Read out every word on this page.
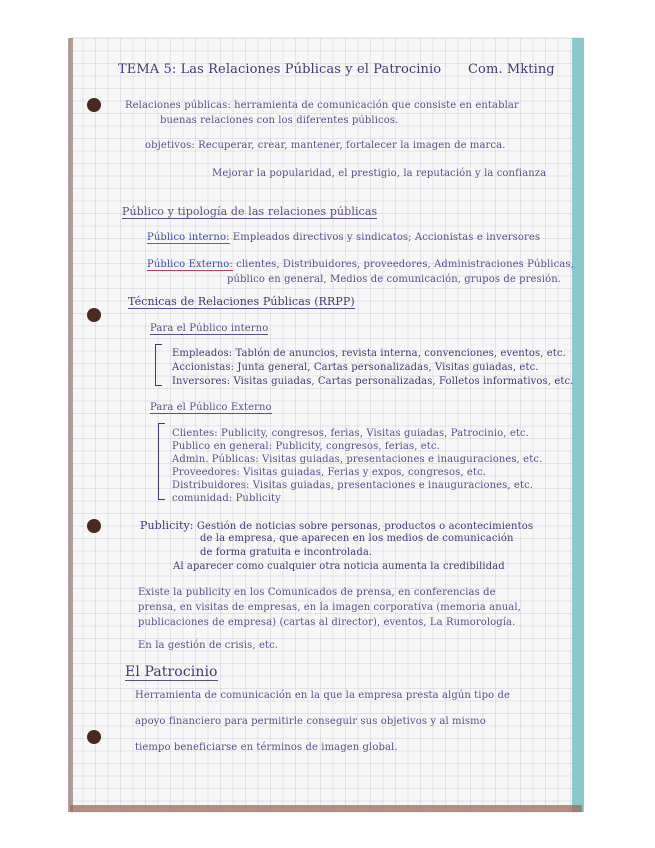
TEMA 5: Las Relaciones Públicas y el Patrocinio Com. Mkting
Relaciones públicas: herramienta de comunicación que consiste en entablar
buenas relaciones con los diferentes públicos.
objetivos: Recuperar, crear, mantener, fortalecer la imagen de marca.
Mejorar la popularidad, el prestigio, la reputación y la confianza
Público y tipología de las relaciones públicas
Público interno: Empleados directivos y sindicatos; Accionistas e inversores
Público Externo: clientes, Distribuidores, proveedores, Administraciones Públicas,
público en general, Medios de comunicación, grupos de presión.
Técnicas de Relaciones Públicas (RRPP)
Para el Público interno
Empleados: Tablón de anuncios, revista interna, convenciones, eventos, etc.
Accionistas: Junta general, Cartas personalizadas, Visitas guiadas, etc.
Inversores: Visitas guiadas, Cartas personalizadas, Folletos informativos, etc.
Para el Público Externo
Clientes: Publicity, congresos, ferias, Visitas guiadas, Patrocinio, etc.
Publico en general: Publicity, congresos, ferias, etc.
Admin. Públicas: Visitas guiadas, presentaciones e inauguraciones, etc.
Proveedores: Visitas guiadas, Ferias y expos, congresos, etc.
Distribuidores: Visitas guiadas, presentaciones e inauguraciones, etc.
comunidad: Publicity
Publicity: Gestión de noticias sobre personas, productos o acontecimientos
de la empresa, que aparecen en los medios de comunicación
de forma gratuita e incontrolada.
Al aparecer como cualquier otra noticia aumenta la credibilidad
Existe la publicity en los Comunicados de prensa, en conferencias de
prensa, en visitas de empresas, en la imagen corporativa (memoria anual,
publicaciones de empresa) (cartas al director), eventos, La Rumorología.
En la gestión de crisis, etc.
El Patrocinio
Herramienta de comunicación en la que la empresa presta algún tipo de
apoyo financiero para permitirle conseguir sus objetivos y al mismo
tiempo beneficiarse en términos de imagen global.
